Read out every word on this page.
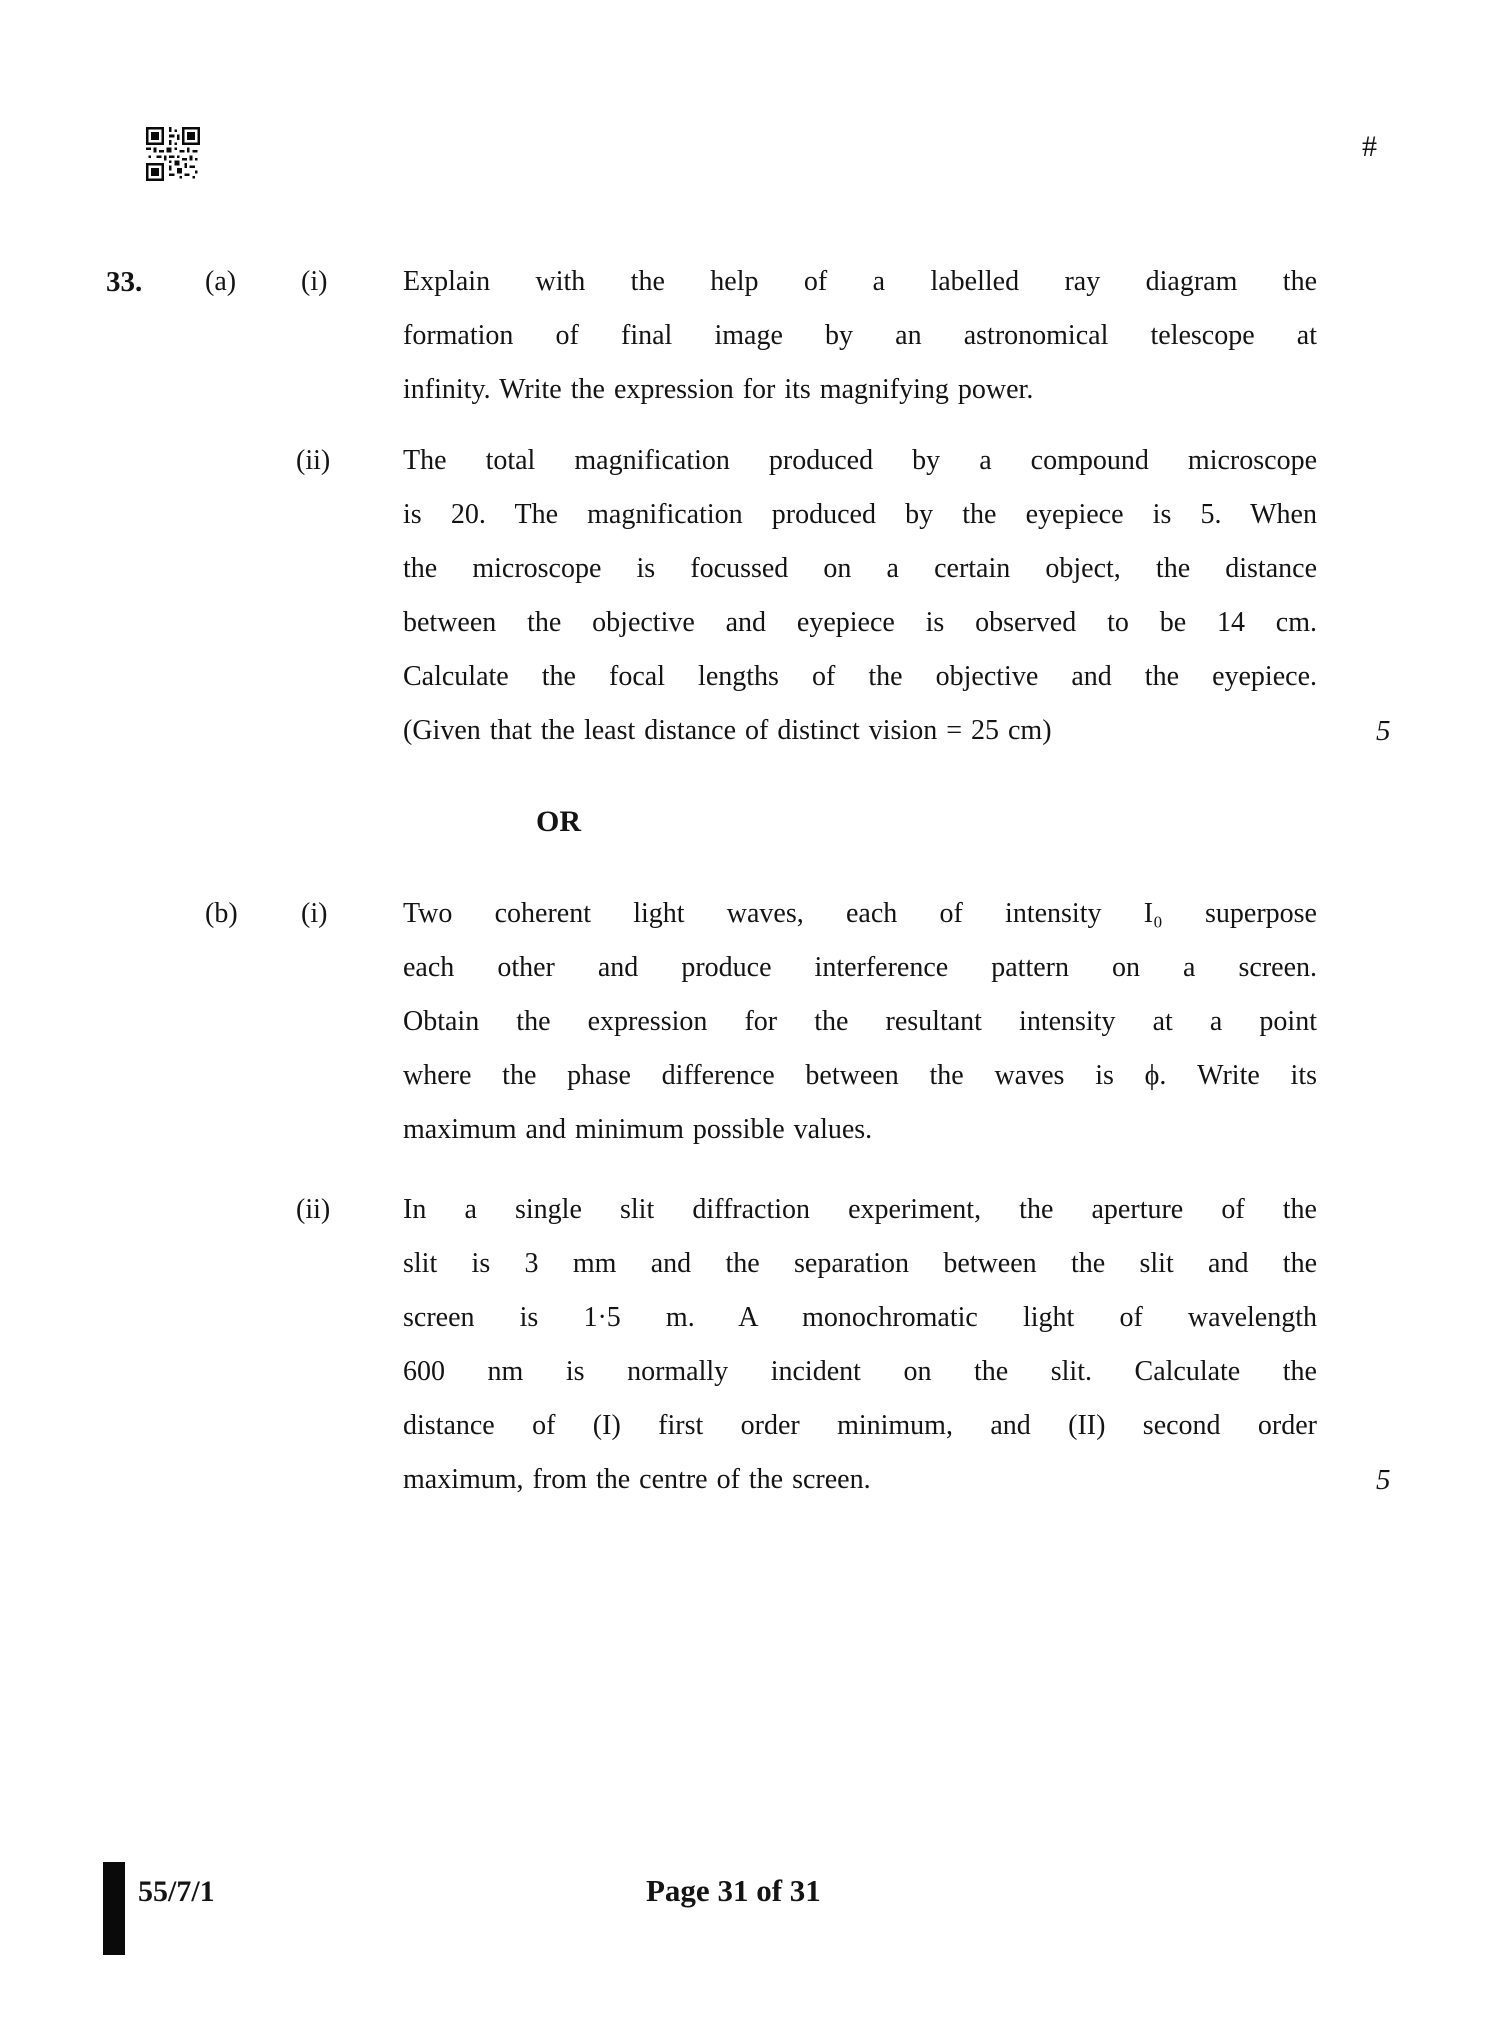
#
33. (a) (i)	Explain with the help of a labelled ray diagram the
formation of final image by an astronomical telescope at
infinity. Write the expression for its magnifying power.
(ii)	The total magnification produced by a compound microscope
is 20. The magnification produced by the eyepiece is 5. When
the microscope is focussed on a certain object, the distance
between the objective and eyepiece is observed to be 14 cm.
Calculate the focal lengths of the objective and the eyepiece.
(Given that the least distance of distinct vision = 25 cm)	5
OR
(b) (i)	Two coherent light waves, each of intensity I₀ superpose
each other and produce interference pattern on a screen.
Obtain the expression for the resultant intensity at a point
where the phase difference between the waves is ϕ. Write its
maximum and minimum possible values.
(ii)	In a single slit diffraction experiment, the aperture of the
slit is 3 mm and the separation between the slit and the
screen is 1·5 m. A monochromatic light of wavelength
600 nm is normally incident on the slit. Calculate the
distance of (I) first order minimum, and (II) second order
maximum, from the centre of the screen.	5
55/7/1	Page 31 of 31
